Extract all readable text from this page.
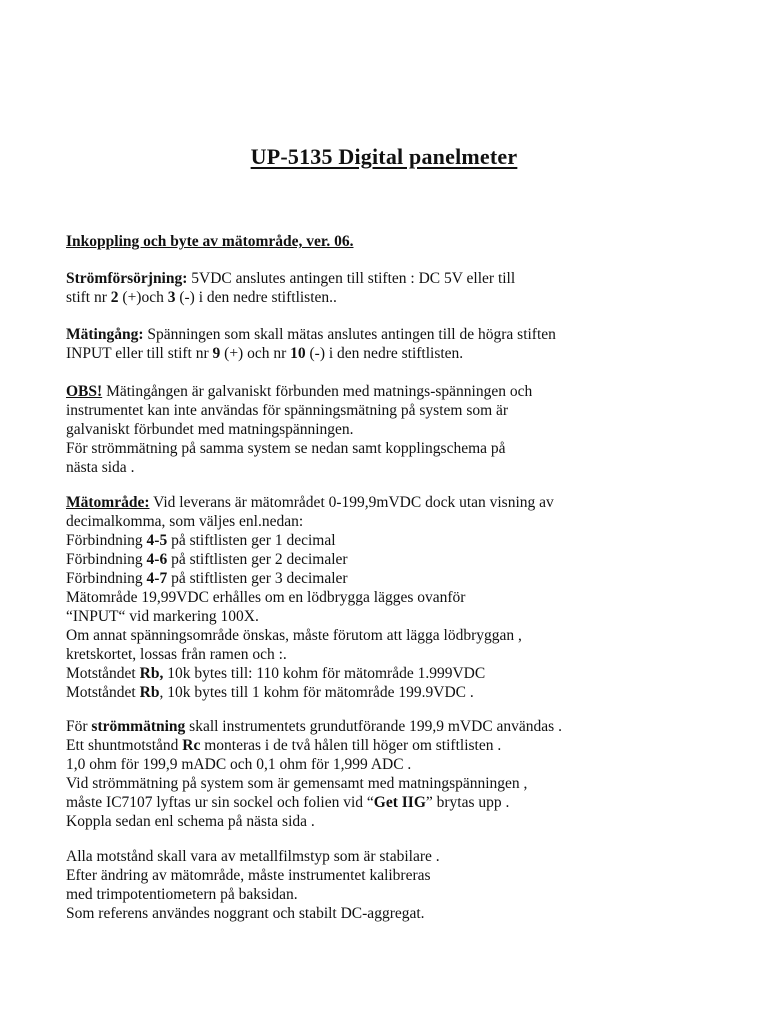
UP-5135 Digital panelmeter
Inkoppling och byte av mätområde, ver. 06.
Strömförsörjning: 5VDC anslutes antingen till stiften : DC 5V eller till
stift nr 2 (+)och 3 (-) i den nedre stiftlisten..
Mätingång: Spänningen som skall mätas anslutes antingen till de högra stiften
INPUT eller till stift nr 9 (+) och nr 10 (-) i den nedre stiftlisten.
OBS! Mätingången är galvaniskt förbunden med matnings-spänningen och
instrumentet kan inte användas för spänningsmätning på system som är
galvaniskt förbundet med matningspänningen.
För strömmätning på samma system se nedan samt kopplingschema på
nästa sida .
Mätområde: Vid leverans är mätområdet 0-199,9mVDC dock utan visning av
decimalkomma, som väljes enl.nedan:
Förbindning 4-5 på stiftlisten ger 1 decimal
Förbindning 4-6 på stiftlisten ger 2 decimaler
Förbindning 4-7 på stiftlisten ger 3 decimaler
Mätområde 19,99VDC erhålles om en lödbrygga lägges ovanför
“INPUT“ vid markering 100X.
Om annat spänningsområde önskas, måste förutom att lägga lödbryggan ,
kretskortet, lossas från ramen och :.
Motståndet Rb, 10k bytes till: 110 kohm för mätområde 1.999VDC
Motståndet Rb, 10k bytes till 1 kohm för mätområde 199.9VDC .
För strömmätning skall instrumentets grundutförande 199,9 mVDC användas .
Ett shuntmotstånd Rc monteras i de två hålen till höger om stiftlisten .
1,0 ohm för 199,9 mADC och 0,1 ohm för 1,999 ADC .
Vid strömmätning på system som är gemensamt med matningspänningen ,
måste IC7107 lyftas ur sin sockel och folien vid “Get IIG” brytas upp .
Koppla sedan enl schema på nästa sida .
Alla motstånd skall vara av metallfilmstyp som är stabilare .
Efter ändring av mätområde, måste instrumentet kalibreras
med trimpotentiometern på baksidan.
Som referens användes noggrant och stabilt DC-aggregat.
